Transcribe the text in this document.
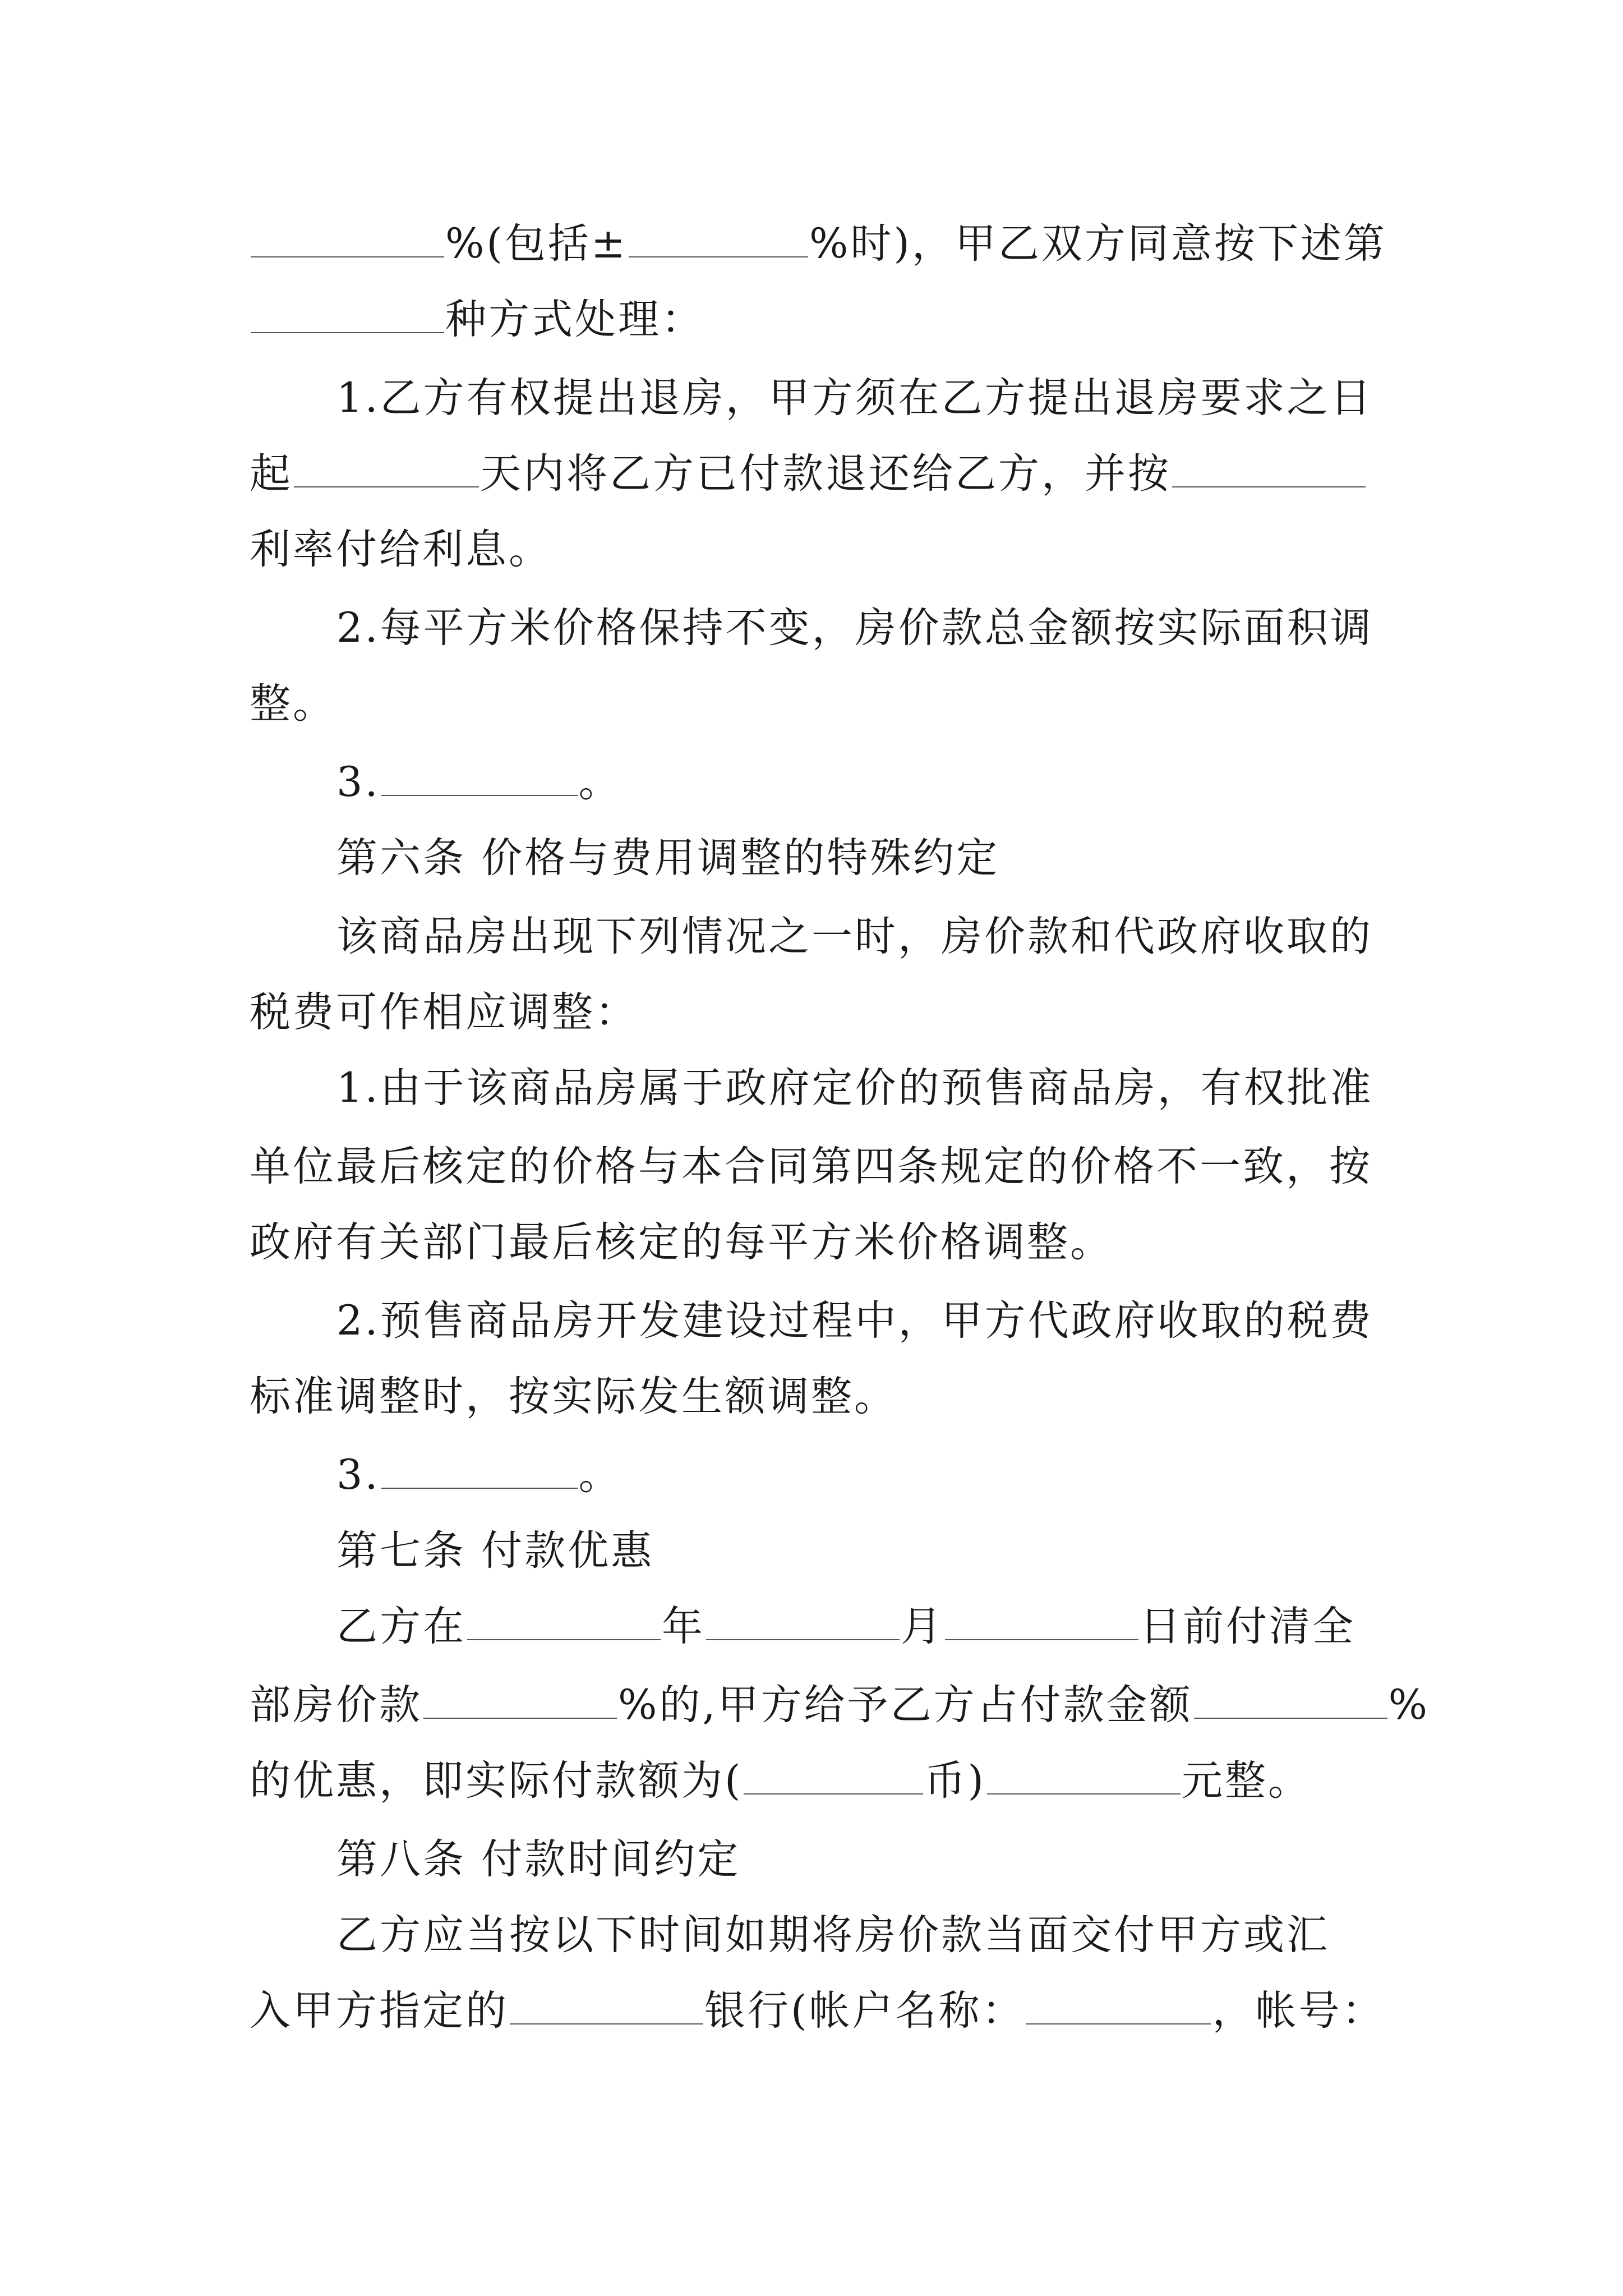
%(包括±	%时)，甲乙双方同意按下述第
种方式处理：
1.乙方有权提出退房，甲方须在乙方提出退房要求之日
起	天内将乙方已付款退还给乙方，并按
利率付给利息。
2.每平方米价格保持不变，房价款总金额按实际面积调
整。
3.	。
第六条 价格与费用调整的特殊约定
该商品房出现下列情况之一时，房价款和代政府收取的
税费可作相应调整：
1.由于该商品房属于政府定价的预售商品房，有权批准
单位最后核定的价格与本合同第四条规定的价格不一致，按
政府有关部门最后核定的每平方米价格调整。
2.预售商品房开发建设过程中，甲方代政府收取的税费
标准调整时，按实际发生额调整。
3.	。
第七条 付款优惠
乙方在	年	月	日前付清全
部房价款	%的,甲方给予乙方占付款金额	%
的优惠，即实际付款额为(	币)	元整。
第八条 付款时间约定
乙方应当按以下时间如期将房价款当面交付甲方或汇
入甲方指定的	银行(帐户名称：	，帐号：
